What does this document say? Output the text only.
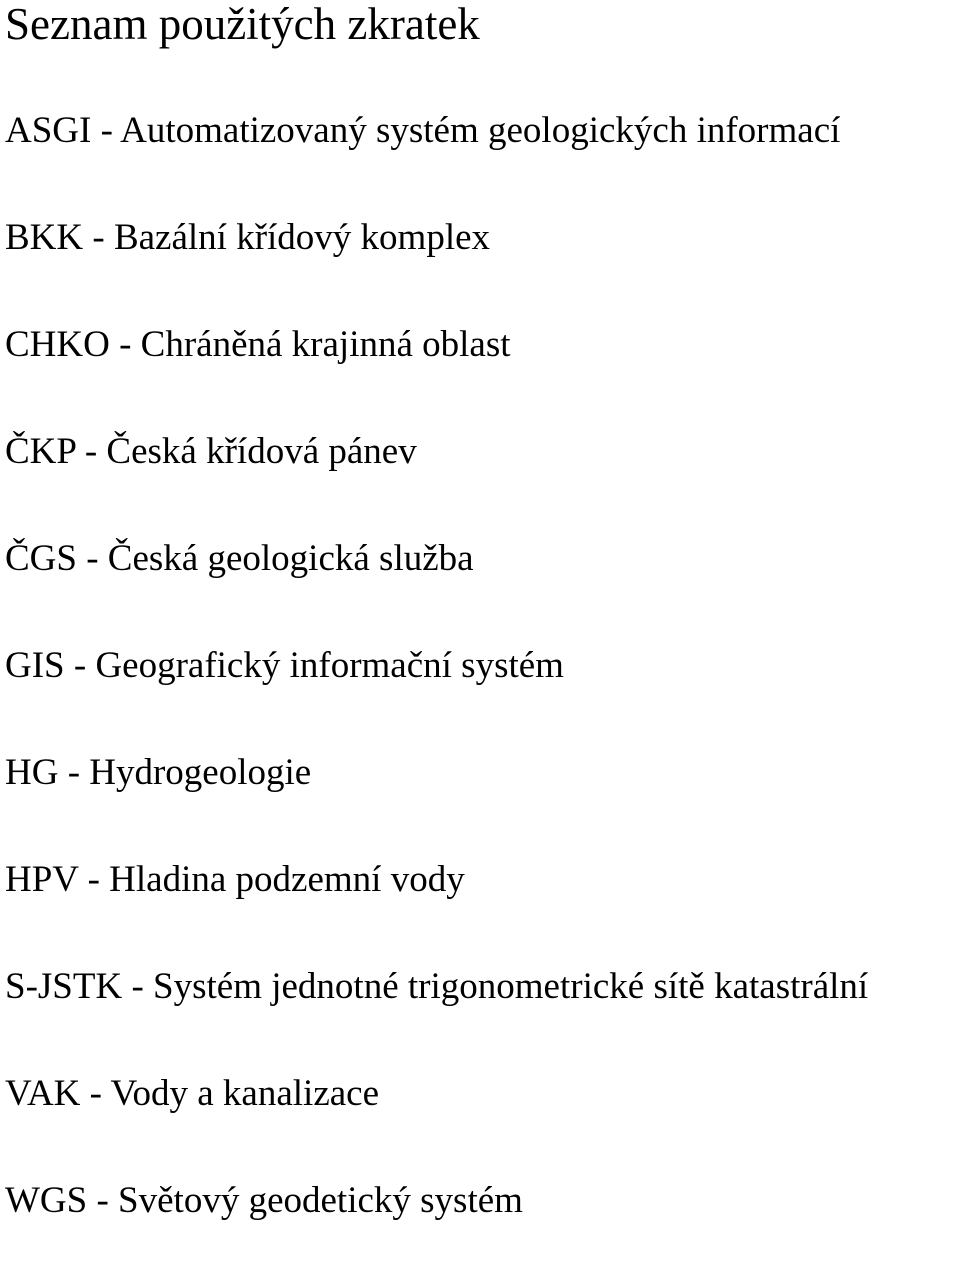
Seznam použitých zkratek
ASGI - Automatizovaný systém geologických informací
BKK - Bazální křídový komplex
CHKO - Chráněná krajinná oblast
ČKP - Česká křídová pánev
ČGS - Česká geologická služba
GIS - Geografický informační systém
HG - Hydrogeologie
HPV - Hladina podzemní vody
S-JSTK - Systém jednotné trigonometrické sítě katastrální
VAK - Vody a kanalizace
WGS - Světový geodetický systém
